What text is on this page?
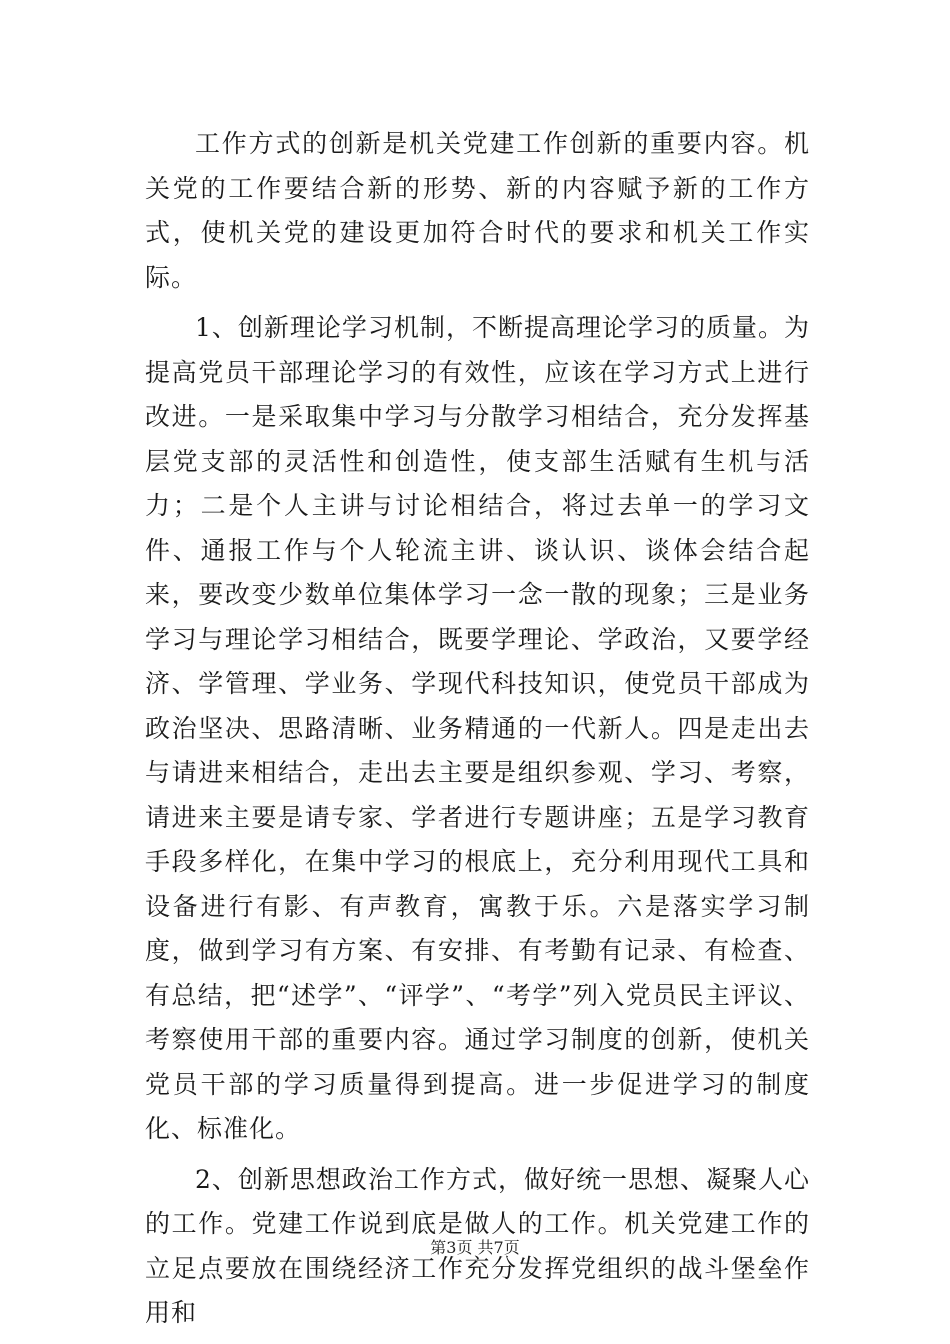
工作方式的创新是机关党建工作创新的重要内容。机关党的工作要结合新的形势、新的内容赋予新的工作方式，使机关党的建设更加符合时代的要求和机关工作实际。

1、创新理论学习机制，不断提高理论学习的质量。为提高党员干部理论学习的有效性，应该在学习方式上进行改进。一是采取集中学习与分散学习相结合，充分发挥基层党支部的灵活性和创造性，使支部生活赋有生机与活力；二是个人主讲与讨论相结合，将过去单一的学习文件、通报工作与个人轮流主讲、谈认识、谈体会结合起来，要改变少数单位集体学习一念一散的现象；三是业务学习与理论学习相结合，既要学理论、学政治，又要学经济、学管理、学业务、学现代科技知识，使党员干部成为政治坚决、思路清晰、业务精通的一代新人。四是走出去与请进来相结合，走出去主要是组织参观、学习、考察，请进来主要是请专家、学者进行专题讲座；五是学习教育手段多样化，在集中学习的根底上，充分利用现代工具和设备进行有影、有声教育，寓教于乐。六是落实学习制度，做到学习有方案、有安排、有考勤有记录、有检查、有总结，把“述学”、“评学”、“考学”列入党员民主评议、考察使用干部的重要内容。通过学习制度的创新，使机关党员干部的学习质量得到提高。进一步促进学习的制度化、标准化。

2、创新思想政治工作方式，做好统一思想、凝聚人心的工作。党建工作说到底是做人的工作。机关党建工作的立足点要放在围绕经济工作充分发挥党组织的战斗堡垒作用和

第3页 共7页
